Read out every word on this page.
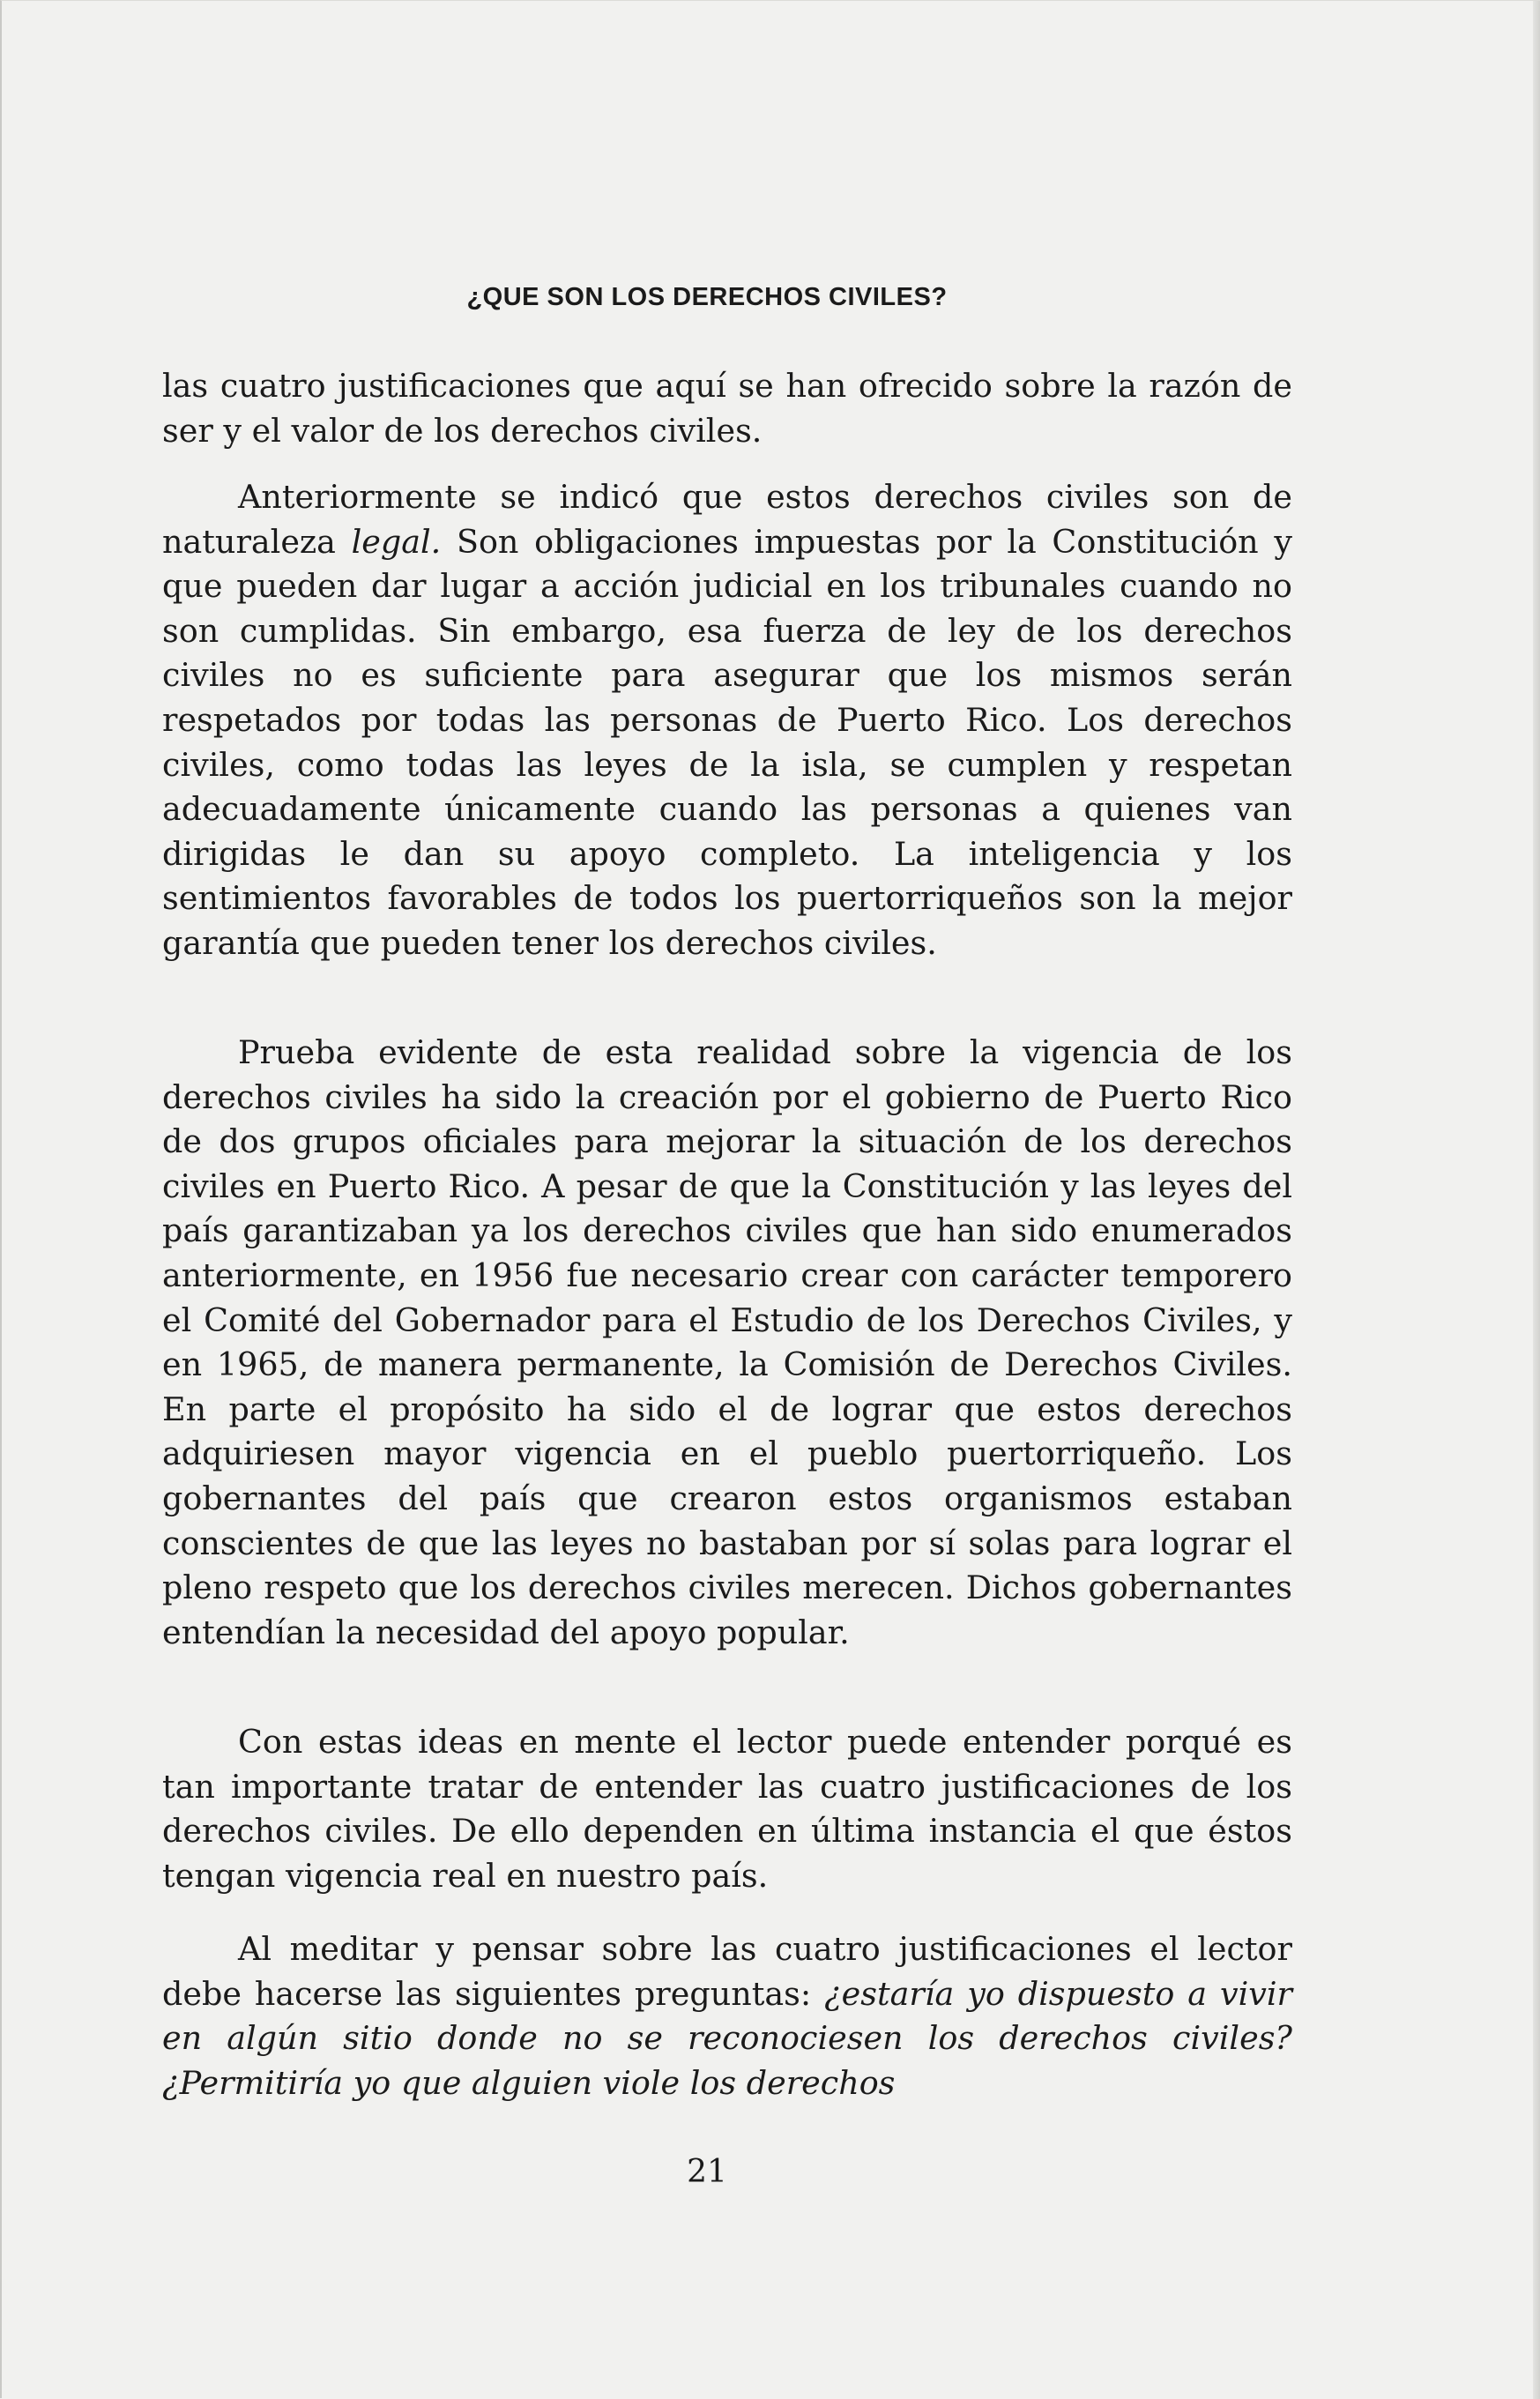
¿QUE SON LOS DERECHOS CIVILES?

las cuatro justificaciones que aquí se han ofrecido sobre la razón de ser y el valor de los derechos civiles.

Anteriormente se indicó que estos derechos civiles son de naturaleza legal. Son obligaciones impuestas por la Constitución y que pueden dar lugar a acción judicial en los tribunales cuando no son cumplidas. Sin embargo, esa fuerza de ley de los derechos civiles no es suficiente para asegurar que los mismos serán respetados por todas las personas de Puerto Rico. Los derechos civiles, como todas las leyes de la isla, se cumplen y respetan adecuadamente únicamente cuando las personas a quienes van dirigidas le dan su apoyo completo. La inteligencia y los sentimientos favorables de todos los puertorriqueños son la mejor garantía que pueden tener los derechos civiles.

Prueba evidente de esta realidad sobre la vigencia de los derechos civiles ha sido la creación por el gobierno de Puerto Rico de dos grupos oficiales para mejorar la situación de los derechos civiles en Puerto Rico. A pesar de que la Constitución y las leyes del país garantizaban ya los derechos civiles que han sido enumerados anteriormente, en 1956 fue necesario crear con carácter temporero el Comité del Gobernador para el Estudio de los Derechos Civiles, y en 1965, de manera permanente, la Comisión de Derechos Civiles. En parte el propósito ha sido el de lograr que estos derechos adquiriesen mayor vigencia en el pueblo puertorriqueño. Los gobernantes del país que crearon estos organismos estaban conscientes de que las leyes no bastaban por sí solas para lograr el pleno respeto que los derechos civiles merecen. Dichos gobernantes entendían la necesidad del apoyo popular.

Con estas ideas en mente el lector puede entender porqué es tan importante tratar de entender las cuatro justificaciones de los derechos civiles. De ello dependen en última instancia el que éstos tengan vigencia real en nuestro país.

Al meditar y pensar sobre las cuatro justificaciones el lector debe hacerse las siguientes preguntas: ¿estaría yo dispuesto a vivir en algún sitio donde no se reconociesen los derechos civiles? ¿Permitiría yo que alguien viole los derechos

21
